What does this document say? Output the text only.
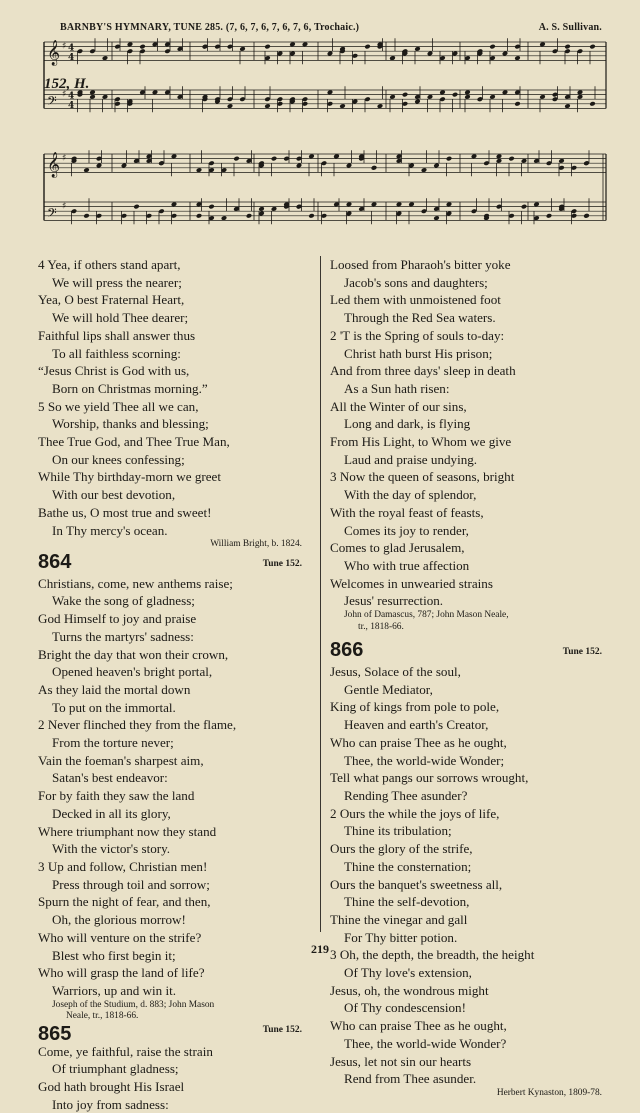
BARNBY'S HYMNARY, TUNE 285. (7, 6, 7, 6, 7, 6, 7, 6, Trochaic.)	A. S. Sullivan.
𝄞 ♯ 4
4
𝄢 ♯ 4
4
𝄞 ♯
𝄢 ♯
152, H.
4 Yea, if others stand apart,
We will press the nearer;
Yea, O best Fraternal Heart,
We will hold Thee dearer;
Faithful lips shall answer thus
To all faithless scorning:
“Jesus Christ is God with us,
Born on Christmas morning.”
5 So we yield Thee all we can,
Worship, thanks and blessing;
Thee True God, and Thee True Man,
On our knees confessing;
While Thy birthday-morn we greet
With our best devotion,
Bathe us, O most true and sweet!
In Thy mercy's ocean.
William Bright, b. 1824.
864	Tune 152.
Christians, come, new anthems raise;
Wake the song of gladness;
God Himself to joy and praise
Turns the martyrs' sadness:
Bright the day that won their crown,
Opened heaven's bright portal,
As they laid the mortal down
To put on the immortal.
2 Never flinched they from the flame,
From the torture never;
Vain the foeman's sharpest aim,
Satan's best endeavor:
For by faith they saw the land
Decked in all its glory,
Where triumphant now they stand
With the victor's story.
3 Up and follow, Christian men!
Press through toil and sorrow;
Spurn the night of fear, and then,
Oh, the glorious morrow!
Who will venture on the strife?
Blest who first begin it;
Who will grasp the land of life?
Warriors, up and win it.
Joseph of the Studium, d. 883; John Mason
Neale, tr., 1818-66.
865	Tune 152.
Come, ye faithful, raise the strain
Of triumphant gladness;
God hath brought His Israel
Into joy from sadness:
Loosed from Pharaoh's bitter yoke
Jacob's sons and daughters;
Led them with unmoistened foot
Through the Red Sea waters.
2 'T is the Spring of souls to-day:
Christ hath burst His prison;
And from three days' sleep in death
As a Sun hath risen:
All the Winter of our sins,
Long and dark, is flying
From His Light, to Whom we give
Laud and praise undying.
3 Now the queen of seasons, bright
With the day of splendor,
With the royal feast of feasts,
Comes its joy to render,
Comes to glad Jerusalem,
Who with true affection
Welcomes in unwearied strains
Jesus' resurrection.
John of Damascus, 787; John Mason Neale,
tr., 1818-66.
866	Tune 152.
Jesus, Solace of the soul,
Gentle Mediator,
King of kings from pole to pole,
Heaven and earth's Creator,
Who can praise Thee as he ought,
Thee, the world-wide Wonder;
Tell what pangs our sorrows wrought,
Rending Thee asunder?
2 Ours the while the joys of life,
Thine its tribulation;
Ours the glory of the strife,
Thine the consternation;
Ours the banquet's sweetness all,
Thine the self-devotion,
Thine the vinegar and gall
For Thy bitter potion.
3 Oh, the depth, the breadth, the height
Of Thy love's extension,
Jesus, oh, the wondrous might
Of Thy condescension!
Who can praise Thee as he ought,
Thee, the world-wide Wonder?
Jesus, let not sin our hearts
Rend from Thee asunder.
Herbert Kynaston, 1809-78.
219
